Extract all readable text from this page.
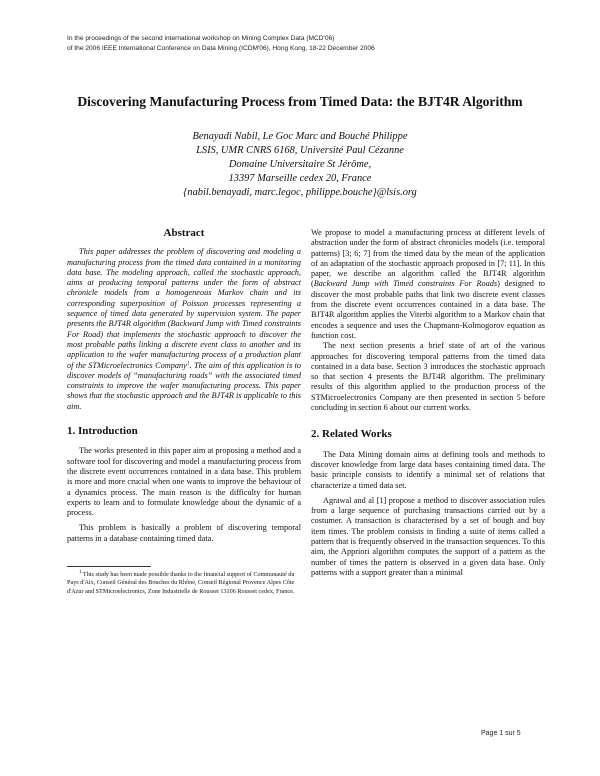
In the proceedings of the second international workshop on Mining Complex Data (MCD'06)
of the 2006 IEEE International Conference on Data Mining (ICDM'06), Hong Kong, 18-22 December 2006
Discovering Manufacturing Process from Timed Data: the BJT4R Algorithm
Benayadi Nabil, Le Goc Marc and Bouché Philippe
LSIS, UMR CNRS 6168, Université Paul Cézanne
Domaine Universitaire St Jérôme,
13397 Marseille cedex 20, France
{nabil.benayadi, marc.legoc, philippe.bouche}@lsis.org
Abstract

This paper addresses the problem of discovering and modeling a manufacturing process from the timed data contained in a monitoring data base. The modeling approach, called the stochastic approach, aims at producing temporal patterns under the form of abstract chronicle models from a homogeneous Markov chain and its corresponding superposition of Poisson processes representing a sequence of timed data generated by supervision system. The paper presents the BJT4R algorithm (Backward Jump with Timed constraints For Road) that implements the stochastic approach to discover the most probable paths linking a discrete event class to another and its application to the wafer manufacturing process of a production plant of the STMicroelectronics Company$^1$. The aim of this application is to discover models of “manufacturing roads” with the associated timed constraints to improve the wafer manufacturing process. This paper shows that the stochastic approach and the BJT4R is applicable to this aim.

1. Introduction

The works presented in this paper aim at proposing a method and a software tool for discovering and model a manufacturing process from the discrete event occurrences contained in a data base. This problem is more and more crucial when one wants to improve the behaviour of a dynamics process. The main reason is the difficulty for human experts to learn and to formulate knowledge about the dynamic of a process.

This problem is basically a problem of discovering temporal patterns in a database containing timed data.

$^1$ This study has been made possible thanks to the financial support of Communauté du Pays d'Aix, Conseil Général des Bouches du Rhône, Conseil Régional Provence Alpes Côte d'Azur and STMicroelectronics, Zone Industrielle de Rousset 13106 Rousset cedex, France.

We propose to model a manufacturing process at different levels of abstraction under the form of abstract chronicles models (i.e. temporal patterns) [3; 6; 7] from the timed data by the mean of the application of an adaptation of the stochastic approach proposed in [7; 11]. In this paper, we describe an algorithm called the BJT4R algorithm (Backward Jump with Timed constraints For Roads) designed to discover the most probable paths that link two discrete event classes from the discrete event occurrences contained in a data base. The BJT4R algorithm applies the Viterbi algorithm to a Markov chain that encodes a sequence and uses the Chapmann-Kolmogorov equation as function cost.

The next section presents a brief state of art of the various approaches for discovering temporal patterns from the timed data contained in a data base. Section 3 introduces the stochastic approach so that section 4 presents the BJT4R algorithm. The preliminary results of this algorithm applied to the production process of the STMicroelectronics Company are then presented in section 5 before concluding in section 6 about our current works.

2. Related Works

The Data Mining domain aims at defining tools and methods to discover knowledge from large data bases containing timed data. The basic principle consists to identify a minimal set of relations that characterize a timed data set.

Agrawal and al [1] propose a method to discover association rules from a large sequence of purchasing transactions carried out by a costumer. A transaction is characterised by a set of bough and buy item times. The problem consists in finding a suite of items called a pattern that is frequently observed in the transaction sequences. To this aim, the Appriori algorithm computes the support of a pattern as the number of times the pattern is observed in a given data base. Only patterns with a support greater than a minimal

Page 1 sur 5
